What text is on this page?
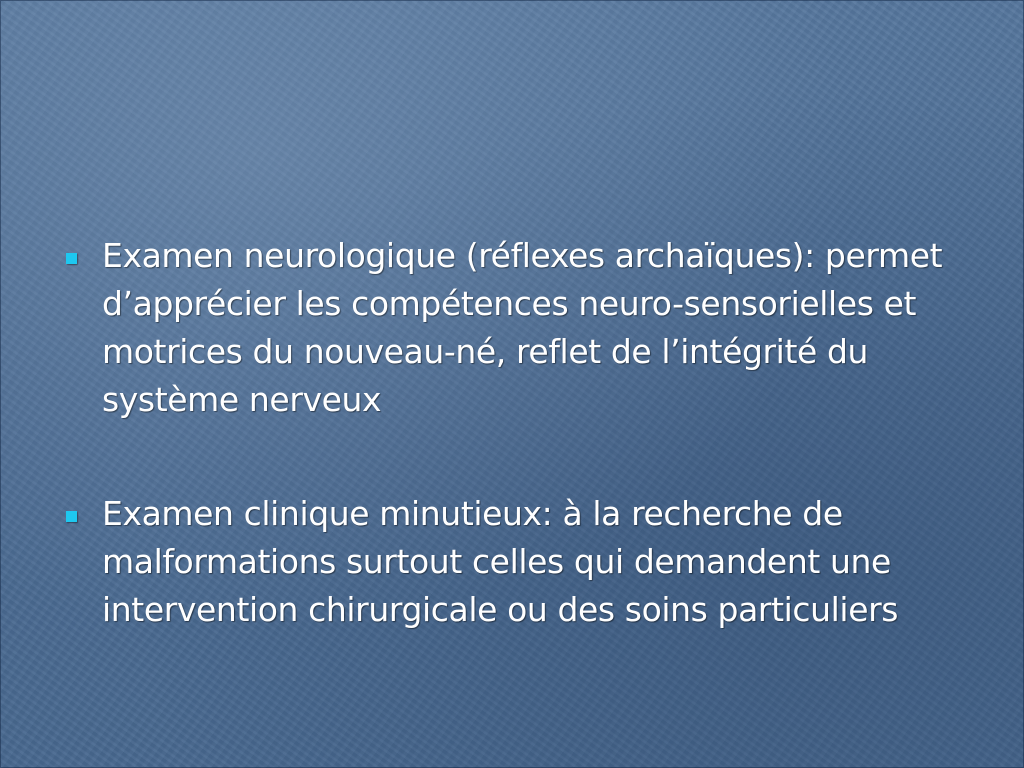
Examen neurologique (réflexes archaïques): permet d’apprécier les compétences neuro-sensorielles et motrices du nouveau-né, reflet de l’intégrité du système nerveux
Examen clinique minutieux: à la recherche de malformations surtout celles qui demandent une intervention chirurgicale ou des soins particuliers
